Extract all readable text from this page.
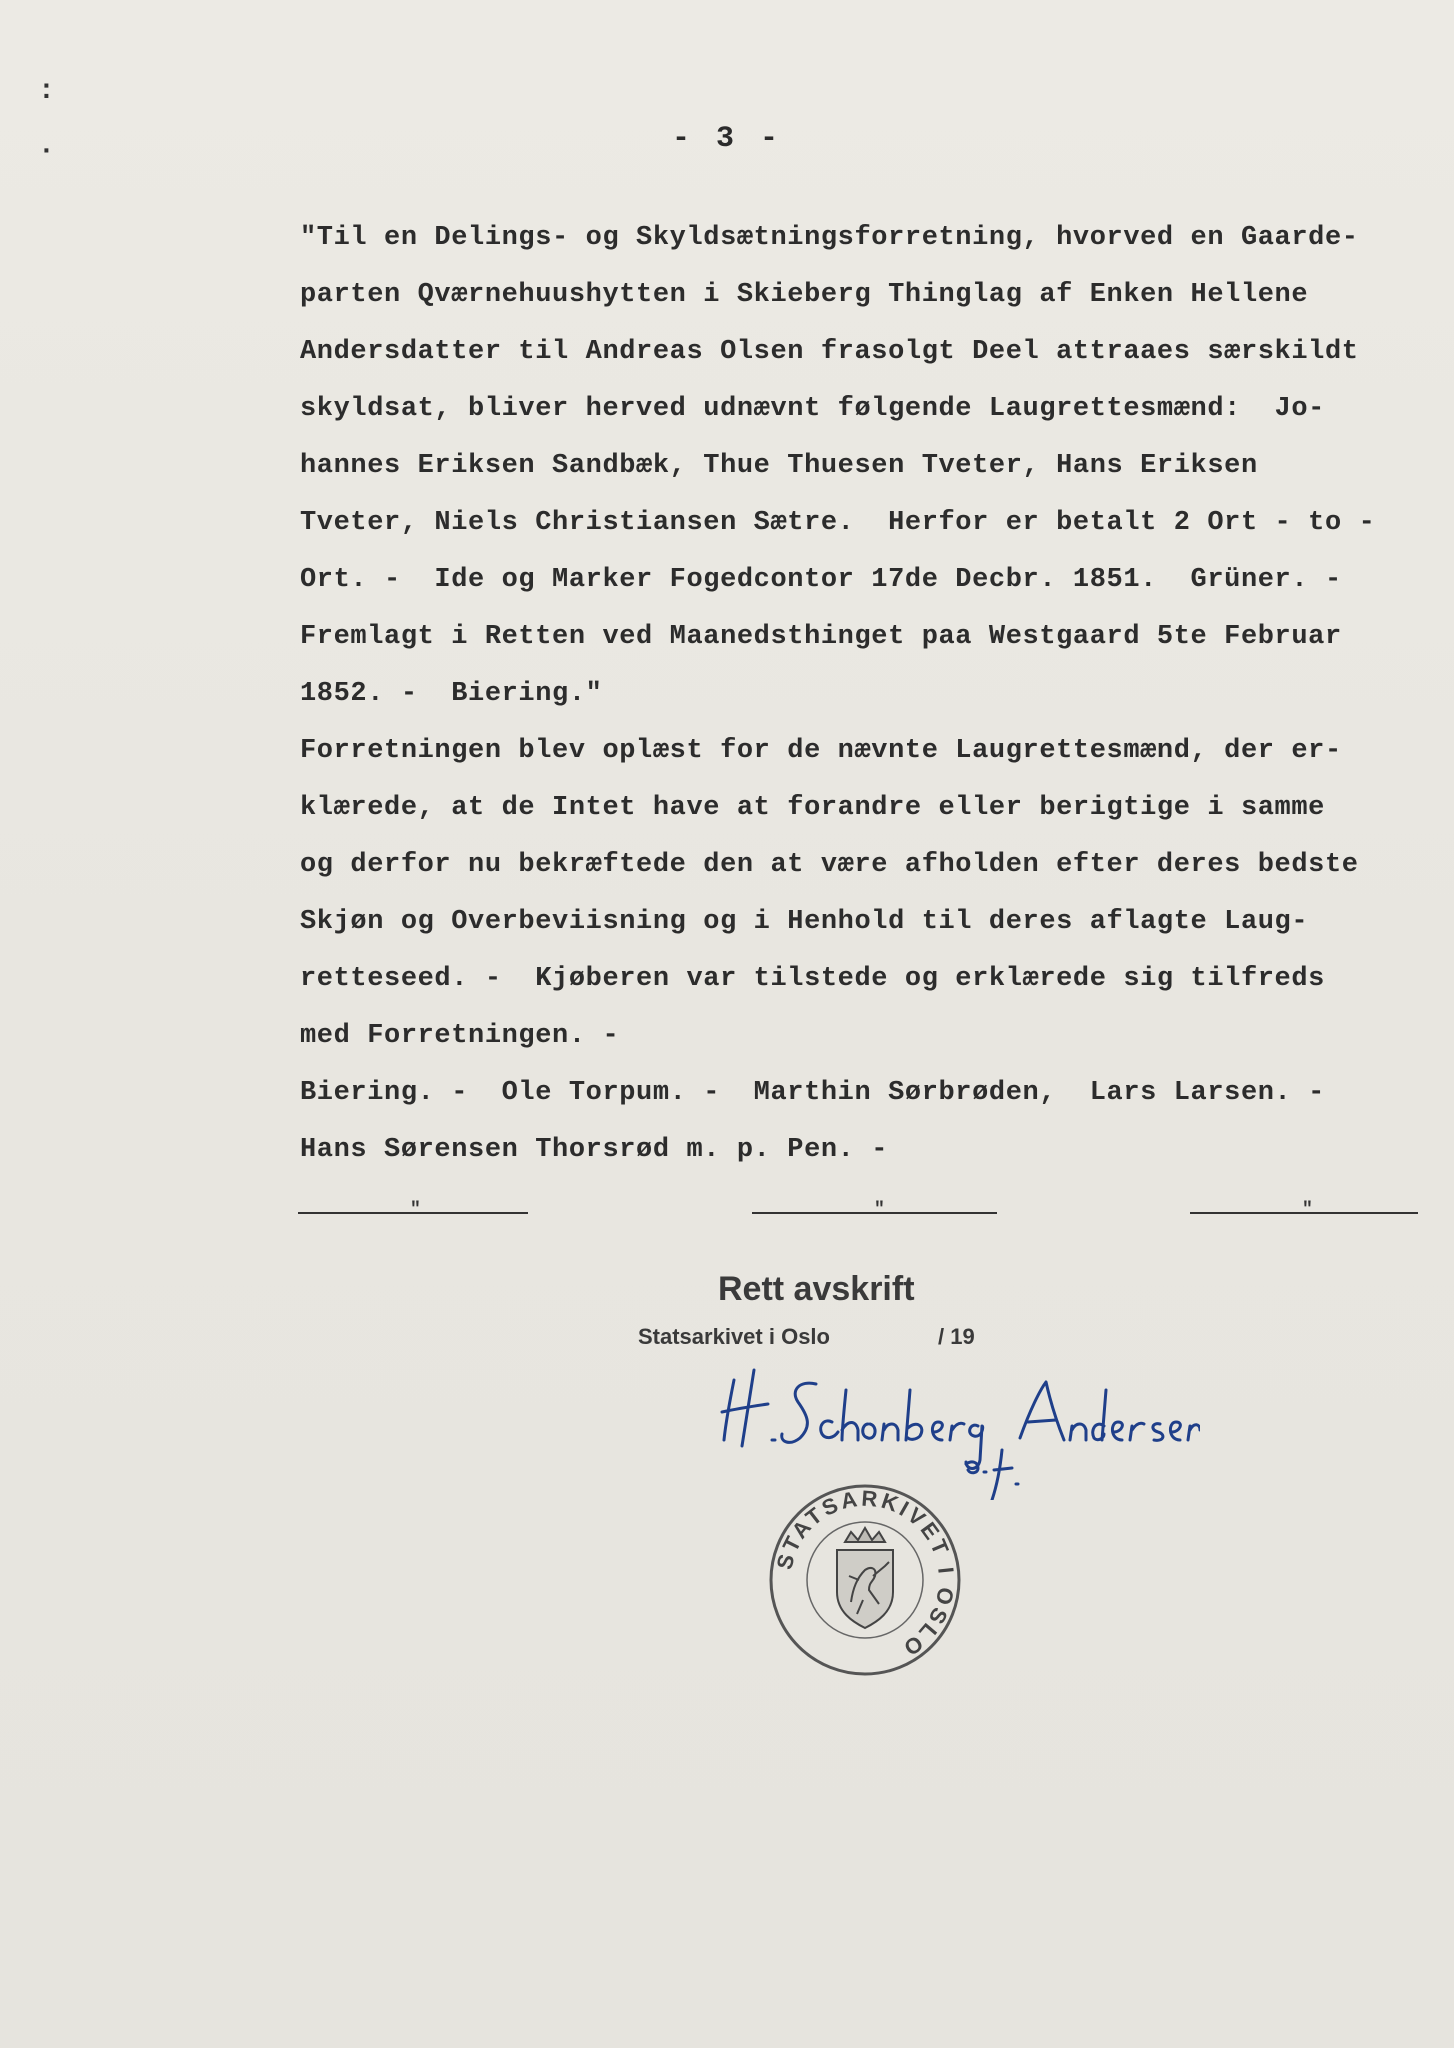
:
·	- 3 -
"Til en Delings- og Skyldsætningsforretning, hvorved en Gaarde-
parten Qværnehuushytten i Skieberg Thinglag af Enken Hellene
Andersdatter til Andreas Olsen frasolgt Deel attraaes særskildt
skyldsat, bliver herved udnævnt følgende Laugrettesmænd:  Jo-
hannes Eriksen Sandbæk, Thue Thuesen Tveter, Hans Eriksen
Tveter, Niels Christiansen Sætre.  Herfor er betalt 2 Ort - to -
Ort. -  Ide og Marker Fogedcontor 17de Decbr. 1851.  Grüner. -
Fremlagt i Retten ved Maanedsthinget paa Westgaard 5te Februar
1852. -  Biering."
Forretningen blev oplæst for de nævnte Laugrettesmænd, der er-
klærede, at de Intet have at forandre eller berigtige i samme
og derfor nu bekræftede den at være afholden efter deres bedste
Skjøn og Overbeviisning og i Henhold til deres aflagte Laug-
retteseed. -  Kjøberen var tilstede og erklærede sig tilfreds
med Forretningen. -
Biering. -  Ole Torpum. -  Marthin Sørbrøden,  Lars Larsen. -
Hans Sørensen Thorsrød m. p. Pen. -
"	"	"
Rett avskrift
Statsarkivet i Oslo	/ 19
STATSARKIVET I OSLO
